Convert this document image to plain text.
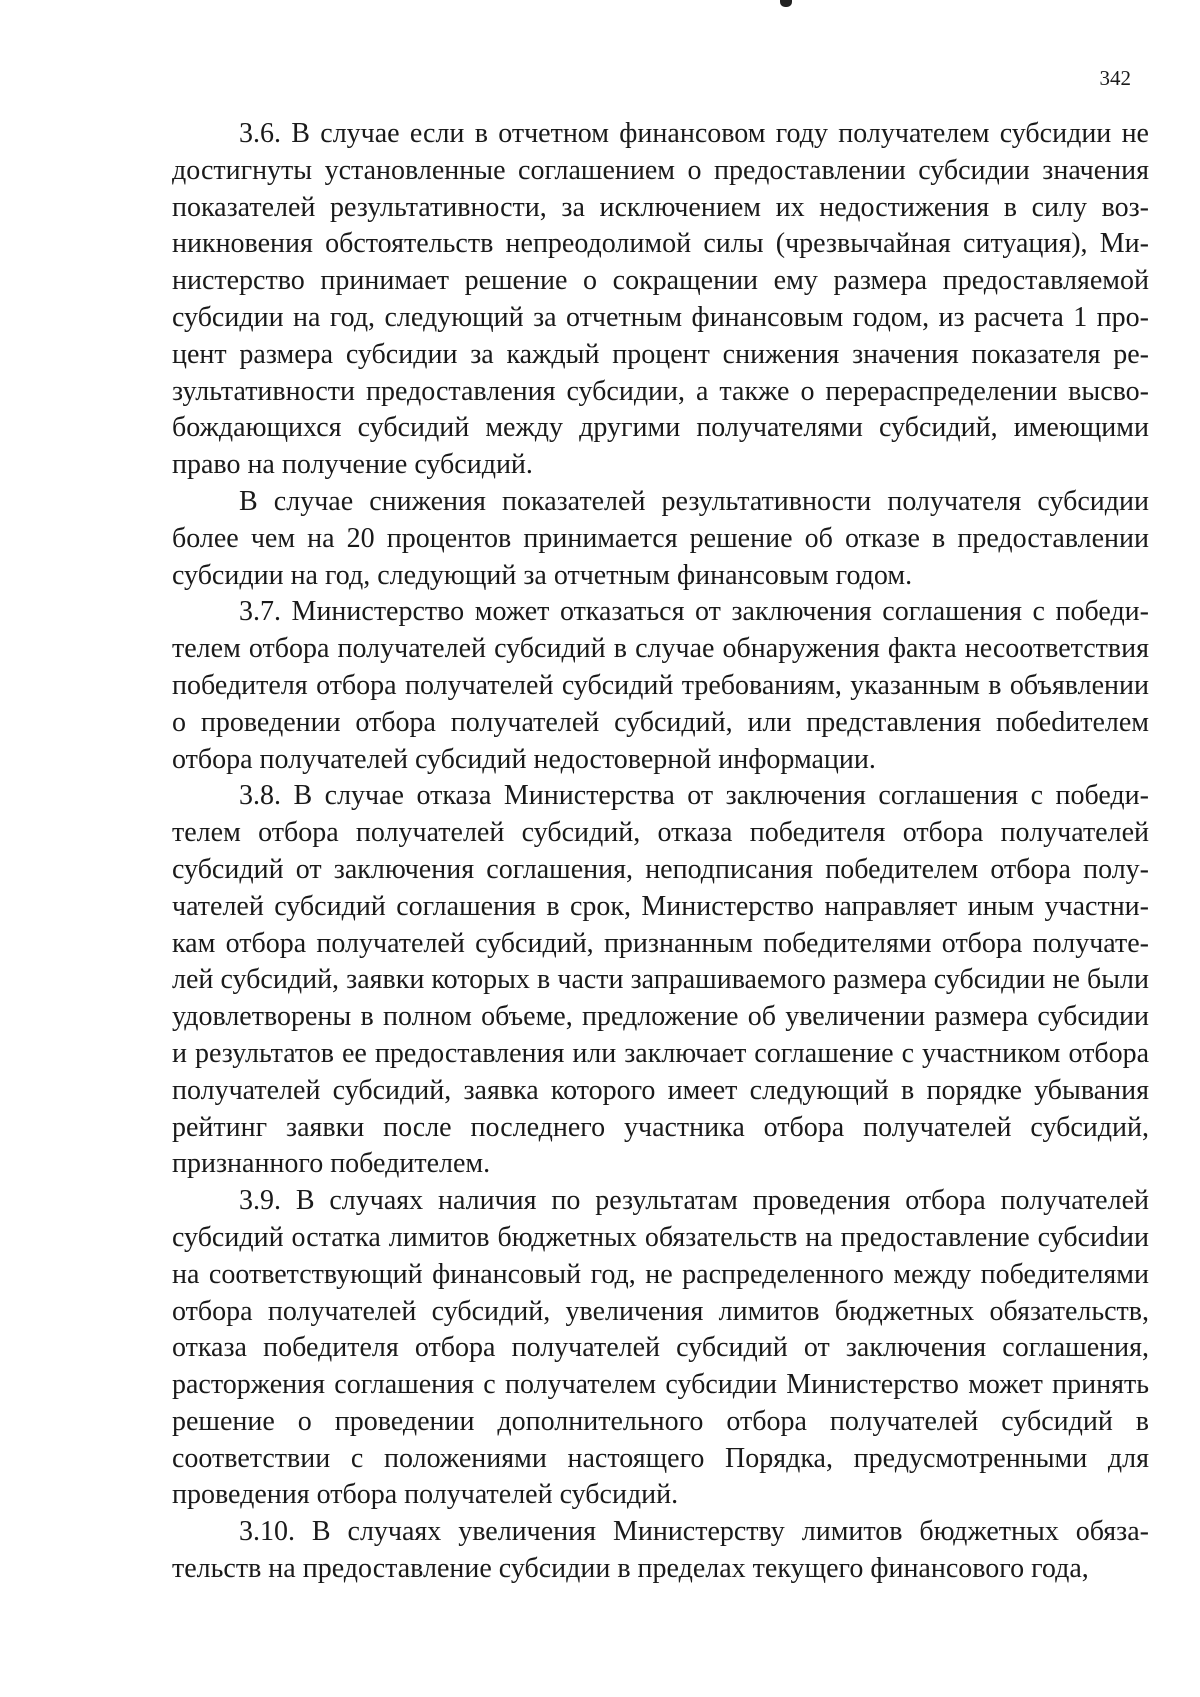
342

3.6. В случае если в отчетном финансовом году получателем субсидии не достигнуты установленные соглашением о предоставлении субсидии значения показателей результативности, за исключением их недостижения в силу возникновения обстоятельств непреодолимой силы (чрезвычайная ситуация), Министерство принимает решение о сокращении ему размера предоставляемой субсидии на год, следующий за отчетным финансовым годом, из расчета 1 процент размера субсидии за каждый процент снижения значения показателя результативности предоставления субсидии, а также о перераспределении высвобождающихся субсидий между другими получателями субсидий, имеющими право на получение субсидий.

В случае снижения показателей результативности получателя субсидии более чем на 20 процентов принимается решение об отказе в предоставлении субсидии на год, следующий за отчетным финансовым годом.

3.7. Министерство может отказаться от заключения соглашения с победителем отбора получателей субсидий в случае обнаружения факта несоответствия победителя отбора получателей субсидий требованиям, указанным в объявлении о проведении отбора получателей субсидий, или представления побеdителем отбора получателей субсидий недостоверной информации.

3.8. В случае отказа Министерства от заключения соглашения с победителем отбора получателей субсидий, отказа победителя отбора получателей субсидий от заключения соглашения, неподписания победителем отбора получателей субсидий соглашения в срок, Министерство направляет иным участникам отбора получателей субсидий, признанным победителями отбора получателей субсидий, заявки которых в части запрашиваемого размера субсидии не были удовлетворены в полном объеме, предложение об увеличении размера субсидии и результатов ее предоставления или заключает соглашение с участником отбора получателей субсидий, заявка которого имеет следующий в порядке убывания рейтинг заявки после последнего участника отбора получателей субсидий, признанного победителем.

3.9. В случаях наличия по результатам проведения отбора получателей субсидий остатка лимитов бюджетных обязательств на предоставление субсиdии на соответствующий финансовый год, не распределенного между победителями отбора получателей субсидий, увеличения лимитов бюджетных обязательств, отказа победителя отбора получателей субсидий от заключения соглашения, расторжения соглашения с получателем субсидии Министерство может принять решение о проведении дополнительного отбора получателей субсидий в соответствии с положениями настоящего Порядка, предусмотренными для проведения отбора получателей субсидий.

3.10. В случаях увеличения Министерству лимитов бюджетных обязательств на предоставление субсидии в пределах текущего финансового года,
